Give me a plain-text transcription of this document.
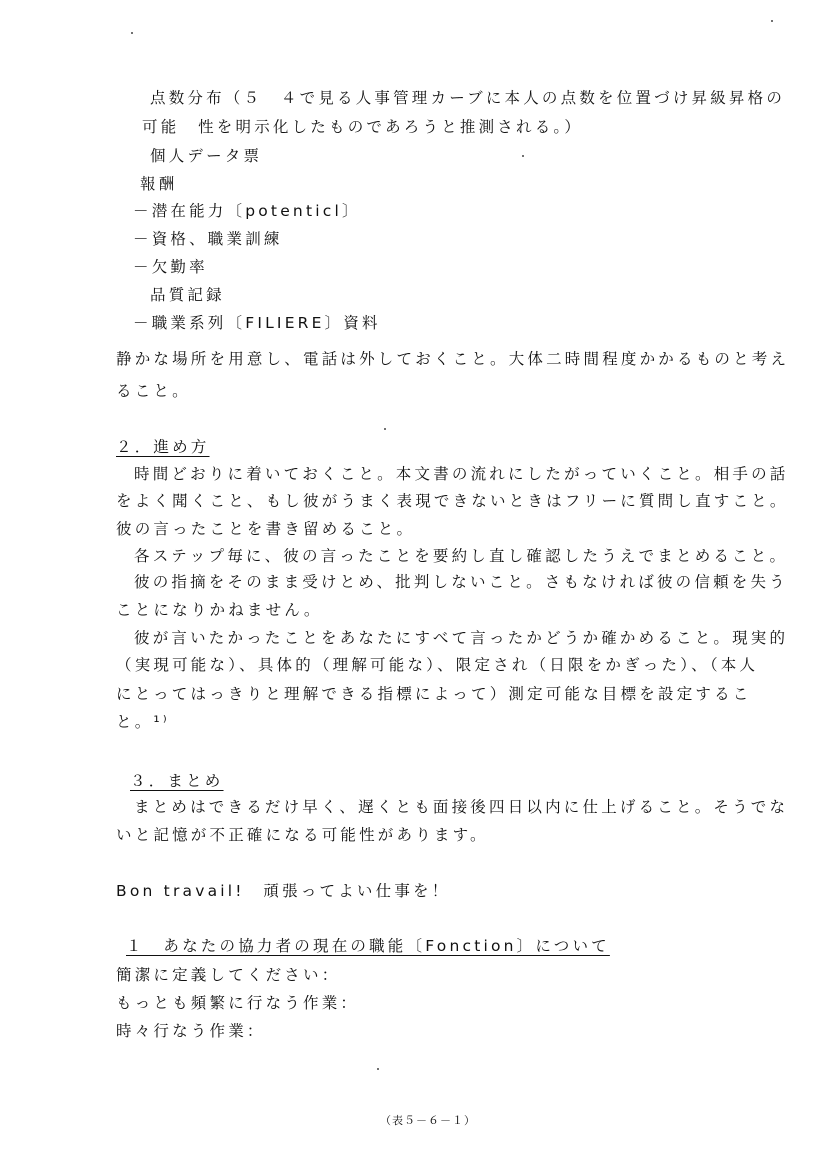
点数分布（５　４で見る人事管理カーブに本人の点数を位置づけ昇級昇格の
可能　性を明示化したものであろうと推測される。）
個人データ票
報酬
－潜在能力〔potenticl〕
－資格、職業訓練
－欠勤率
品質記録
－職業系列〔FILIERE〕資料
静かな場所を用意し、電話は外しておくこと。大体二時間程度かかるものと考え
ること。
２．進め方
時間どおりに着いておくこと。本文書の流れにしたがっていくこと。相手の話
をよく聞くこと、もし彼がうまく表現できないときはフリーに質問し直すこと。
彼の言ったことを書き留めること。
各ステップ毎に、彼の言ったことを要約し直し確認したうえでまとめること。
彼の指摘をそのまま受けとめ、批判しないこと。さもなければ彼の信頼を失う
ことになりかねません。
彼が言いたかったことをあなたにすべて言ったかどうか確かめること。現実的
（実現可能な）、具体的（理解可能な）、限定され（日限をかぎった）、（本人
にとってはっきりと理解できる指標によって）測定可能な目標を設定するこ
と。¹⁾
３．まとめ
まとめはできるだけ早く、遅くとも面接後四日以内に仕上げること。そうでな
いと記憶が不正確になる可能性があります。
Bon travail!　頑張ってよい仕事を！
１　あなたの協力者の現在の職能〔Fonction〕について
簡潔に定義してください：
もっとも頻繁に行なう作業：
時々行なう作業：
（表５－６－１）
